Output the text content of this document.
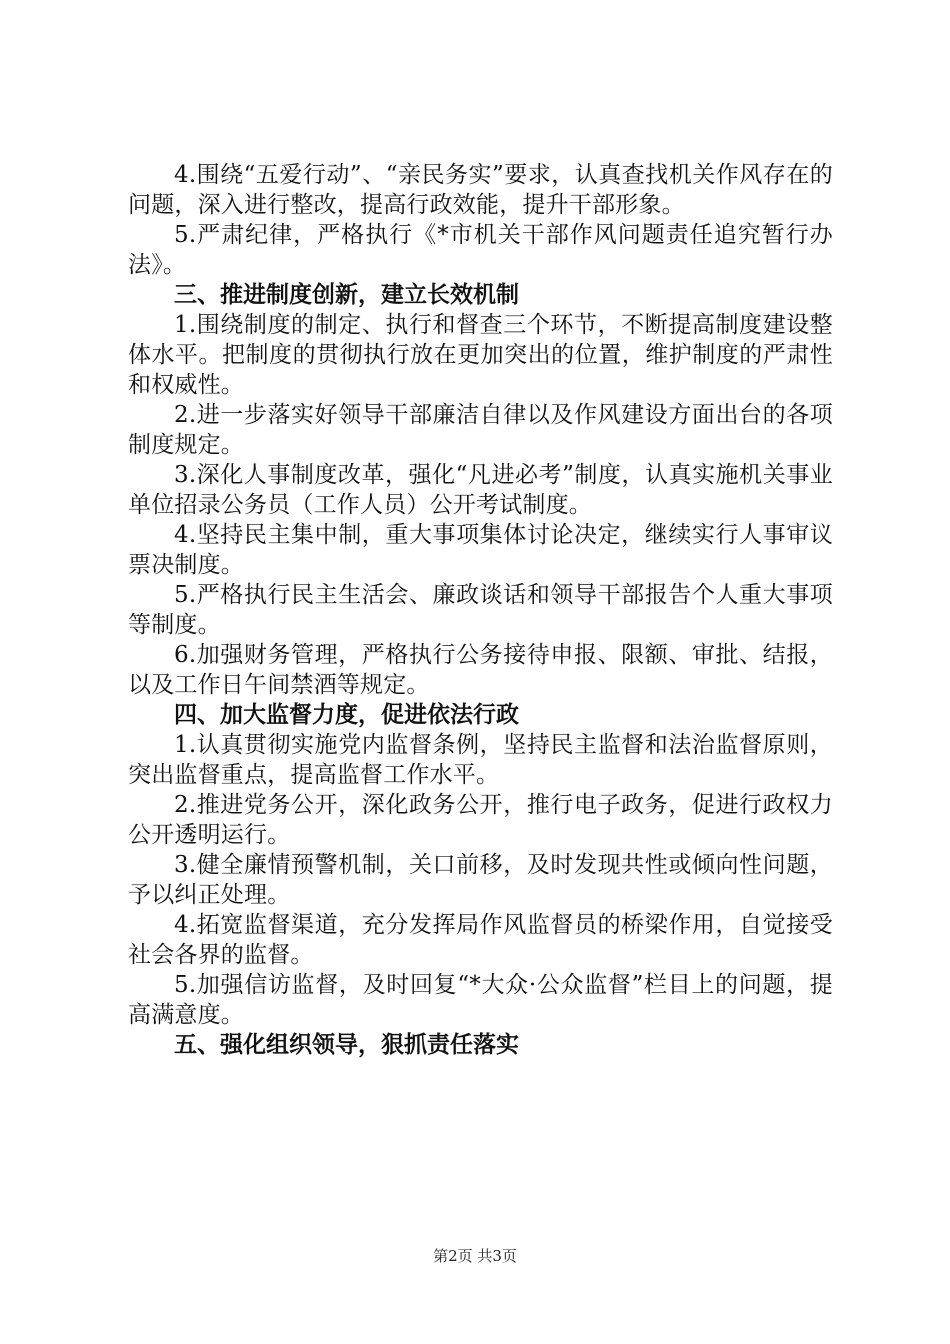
4.围绕“五爱行动”、“亲民务实”要求，认真查找机关作风存在的问题，深入进行整改，提高行政效能，提升干部形象。

5.严肃纪律，严格执行《*市机关干部作风问题责任追究暂行办法》。

三、推进制度创新，建立长效机制

1.围绕制度的制定、执行和督查三个环节，不断提高制度建设整体水平。把制度的贯彻执行放在更加突出的位置，维护制度的严肃性和权威性。

2.进一步落实好领导干部廉洁自律以及作风建设方面出台的各项制度规定。

3.深化人事制度改革，强化“凡进必考”制度，认真实施机关事业单位招录公务员（工作人员）公开考试制度。

4.坚持民主集中制，重大事项集体讨论决定，继续实行人事审议票决制度。

5.严格执行民主生活会、廉政谈话和领导干部报告个人重大事项等制度。

6.加强财务管理，严格执行公务接待申报、限额、审批、结报，以及工作日午间禁酒等规定。

四、加大监督力度，促进依法行政

1.认真贯彻实施党内监督条例，坚持民主监督和法治监督原则，突出监督重点，提高监督工作水平。

2.推进党务公开，深化政务公开，推行电子政务，促进行政权力公开透明运行。

3.健全廉情预警机制，关口前移，及时发现共性或倾向性问题，予以纠正处理。

4.拓宽监督渠道，充分发挥局作风监督员的桥梁作用，自觉接受社会各界的监督。

5.加强信访监督，及时回复“*大众·公众监督”栏目上的问题，提高满意度。

五、强化组织领导，狠抓责任落实

第2页 共3页
